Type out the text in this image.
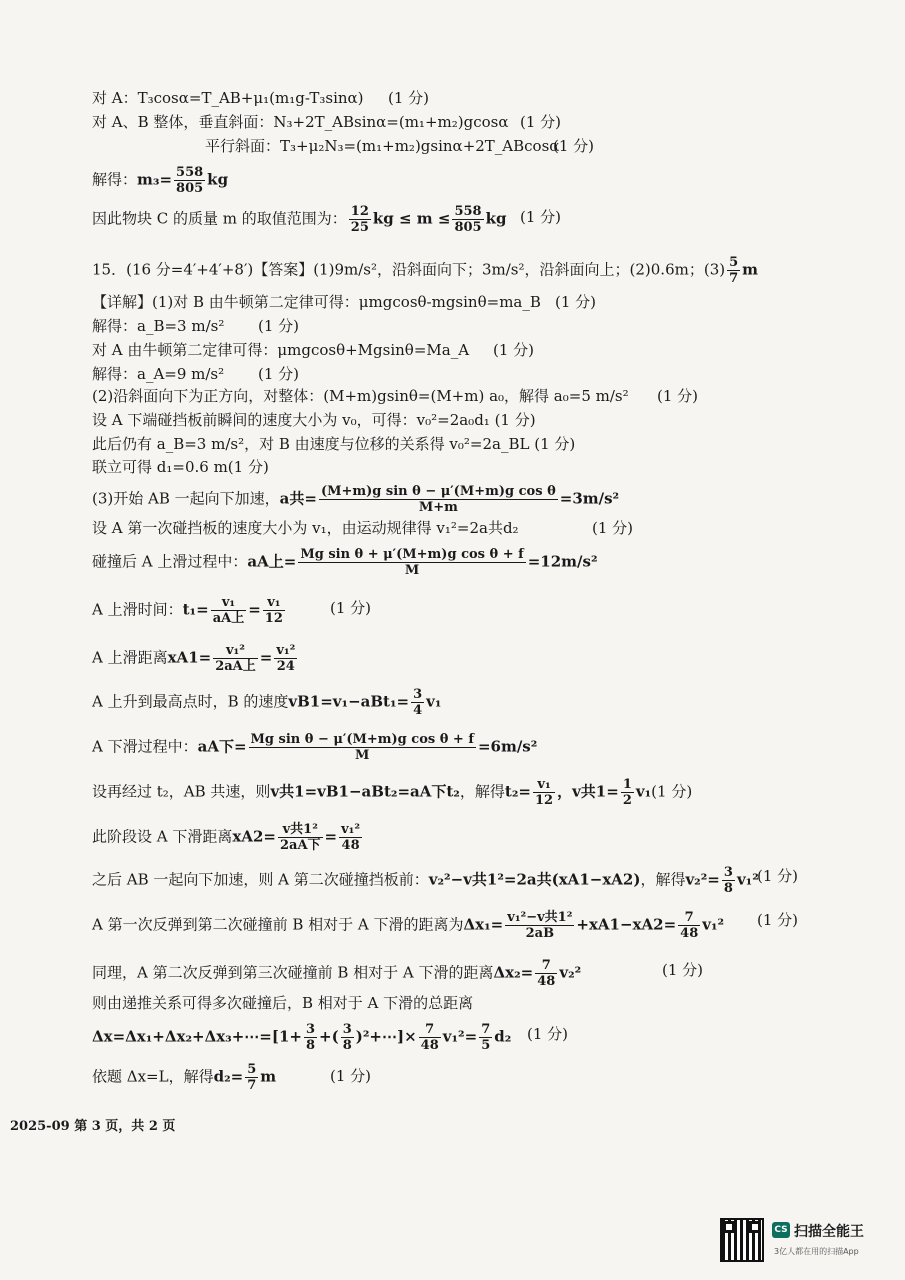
对 A：T₃cosα=T_AB+μ₁(m₁g-T₃sinα) (1 分)
对 A、B 整体，垂直斜面：N₃+2T_ABsinα=(m₁+m₂)gcosα (1 分)
平行斜面：T₃+μ₂N₃=(m₁+m₂)gsinα+2T_ABcosα
(1 分)
解得：$m_3= \frac{558}{805}$ kg
因此物块 C 的质量 m 的取值范围为： $\frac{12}{25}$ kg ≤ $m \le \frac{558}{805}$ kg (1 分)
15．(16 分=4′+4′+8′)【答案】(1)9m/s²，沿斜面向下；3m/s²，沿斜面向上；(2)0.6m；$(3) \frac{5}{7}$ m
【详解】(1)对 B 由牛顿第二定律可得：μmgcosθ-mgsinθ=ma_B (1 分)
解得：a_B=3 m/s² (1 分)
对 A 由牛顿第二定律可得：μmgcosθ+Mgsinθ=Ma_A (1 分)
解得：a_A=9 m/s² (1 分)
(2)沿斜面向下为正方向，对整体：(M+m)gsinθ=(M+m) a₀，解得 a₀=5 m/s² (1 分)
设 A 下端碰挡板前瞬间的速度大小为 v₀，可得：v₀²=2a₀d₁ (1 分)
此后仍有 a_B=3 m/s²，对 B 由速度与位移的关系得 v₀²=2a_BL (1 分)
联立可得 d₁=0.6 m(1 分)
(3)开始 AB 一起向下加速，a共= $\frac{\text{(M+m)g sin θ − μ′(M+m)g cos θ}}{M+m} =3m/s^2$
设 A 第一次碰挡板的速度大小为 v₁，由运动规律得 v₁²=2a共d₂	(1 分)
碰撞后 A 上滑过程中：aA上= $\frac{\text{Mg sin θ + μ′(M+m)g cos θ + f}}{M} =12m/s^2$
A 上滑时间：$t_1= \frac{\text{v₁}}{\text{aA上}} = \frac{\text{v₁}}{12}$	(1 分)
A 上滑距离$xA1= \frac{\text{v₁²}}{\text{2aA上}} = \frac{\text{v₁²}}{24}$
A 上升到最高点时，B 的速度$vB1=v_1-aBt_1= \frac{3}{4} v_1$
A 下滑过程中：aA下= $\frac{\text{Mg sin θ − μ′(M+m)g cos θ + f}}{M} =6m/s^2$
设再经过 t₂，AB 共速，则v共1=vB1−aBt₂=aA下t₂，解得$t_2= \frac{\text{v₁}}{12}$ ，v共$1= \frac{1}{2} v_1(1$ 分)
此阶段设 A 下滑距离$xA2= \frac{\text{v共1²}}{\text{2aA下}} = \frac{\text{v₁²}}{48}$
之后 AB 一起向下加速，则 A 第二次碰撞挡板前：v₂²−v共1²=2a共(xA1−xA2)，解得$v_2^2= \frac{3}{8} v_1^2$
(1 分)
A 第一次反弹到第二次碰撞前 B 相对于 A 下滑的距离为$\Delta x_1= \frac{\text{v₁²−v共1²}}{2aB} +xA1-xA2= \frac{7}{48} v_1^2$ (1 分)
同理，A 第二次反弹到第三次碰撞前 B 相对于 A 下滑的距离$\Delta x_2= \frac{7}{48} v_2^2$	(1 分)
则由递推关系可得多次碰撞后，B 相对于 A 下滑的总距离
Δx=Δx₁+Δx₂+Δx₃+⋯=[1+ $\frac{3}{8}$ +( $\frac{3}{8}$ )²+⋯]× $\frac{7}{48} v_1^2= \frac{7}{5} d_2$ (1 分)
依题 Δx=L，解得$d_2= \frac{5}{7}$ m	(1 分)
2025-09 第 3 页，共 2 页
CS 扫描全能王
3亿人都在用的扫描App
